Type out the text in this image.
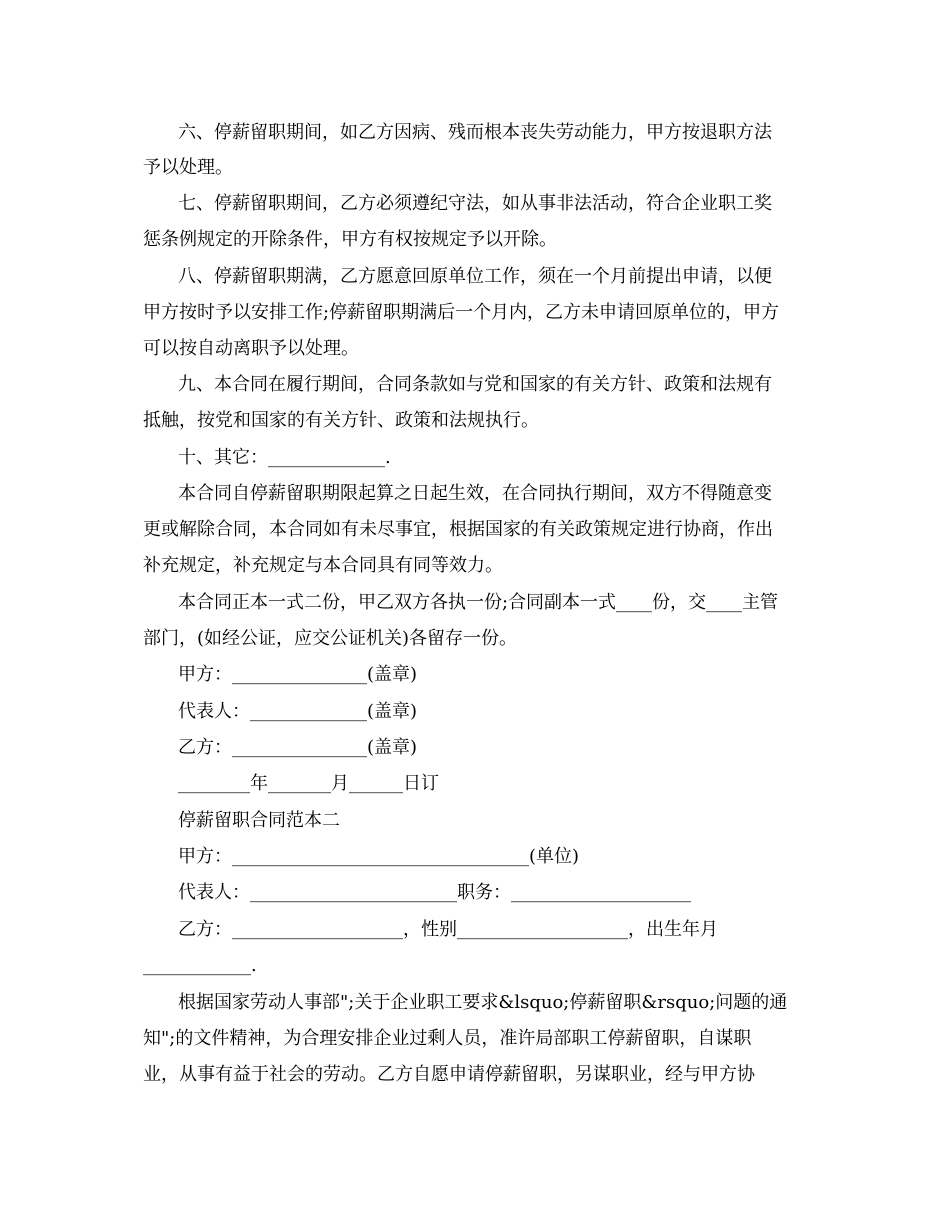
六、停薪留职期间，如乙方因病、残而根本丧失劳动能力，甲方按退职方法
予以处理。
七、停薪留职期间，乙方必须遵纪守法，如从事非法活动，符合企业职工奖
惩条例规定的开除条件，甲方有权按规定予以开除。
八、停薪留职期满，乙方愿意回原单位工作，须在一个月前提出申请，以便
甲方按时予以安排工作;停薪留职期满后一个月内，乙方未申请回原单位的，甲方
可以按自动离职予以处理。
九、本合同在履行期间，合同条款如与党和国家的有关方针、政策和法规有
抵触，按党和国家的有关方针、政策和法规执行。
十、其它：_____________.
本合同自停薪留职期限起算之日起生效，在合同执行期间，双方不得随意变
更或解除合同，本合同如有未尽事宜，根据国家的有关政策规定进行协商，作出
补充规定，补充规定与本合同具有同等效力。
本合同正本一式二份，甲乙双方各执一份;合同副本一式____份，交____主管
部门，(如经公证，应交公证机关)各留存一份。
甲方：_______________(盖章)
代表人：_____________(盖章)
乙方：_______________(盖章)
________年_______月______日订
停薪留职合同范本二
甲方：_________________________________(单位)
代表人：_______________________职务：____________________
乙方：___________________，性别___________________，出生年月
____________.
根据国家劳动人事部";关于企业职工要求&lsquo;停薪留职&rsquo;问题的通
知";的文件精神，为合理安排企业过剩人员，准许局部职工停薪留职，自谋职
业，从事有益于社会的劳动。乙方自愿申请停薪留职，另谋职业，经与甲方协
